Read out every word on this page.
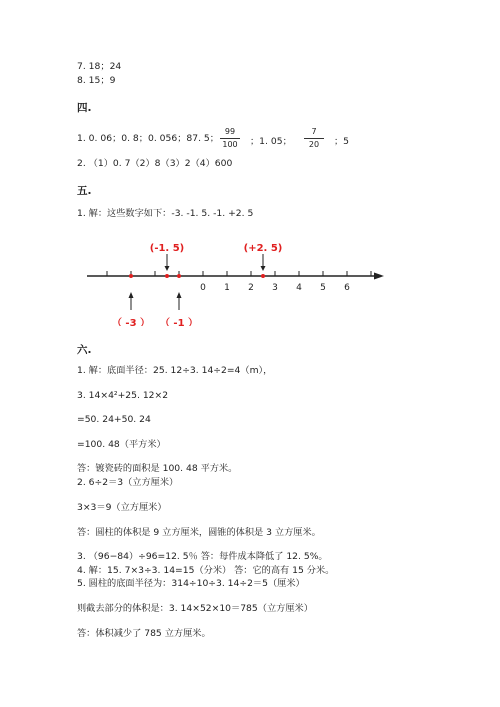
7. 18；24
8. 15；9
四.
1. 0. 06；0. 8；0. 056；87. 5；
99
100	；1. 05；
7
20	；5
2. （1）0. 7（2）8（3）2（4）600
五.
1. 解：这些数字如下：-3. -1. 5. -1. +2. 5
0 1 2 3 4 5 6
（ -3 ）
(-1. 5)
（ -1 ）
(+2. 5)
六.
1. 解：底面半径：25. 12÷3. 14÷2=4（m），
3. 14×4²+25. 12×2
=50. 24+50. 24
=100. 48（平方米）
答：镀瓷砖的面积是 100. 48 平方米。
2. 6÷2＝3（立方厘米）
3×3＝9（立方厘米）
答：圆柱的体积是 9 立方厘米，圆锥的体积是 3 立方厘米。
3. （96−84）÷96=12. 5％ 答：每件成本降低了 12. 5%。
4. 解：15. 7×3÷3. 14=15（分米） 答：它的高有 15 分米。
5. 圆柱的底面半径为：314÷10÷3. 14÷2＝5（厘米）
则截去部分的体积是：3. 14×52×10＝785（立方厘米）
答：体积减少了 785 立方厘米。
